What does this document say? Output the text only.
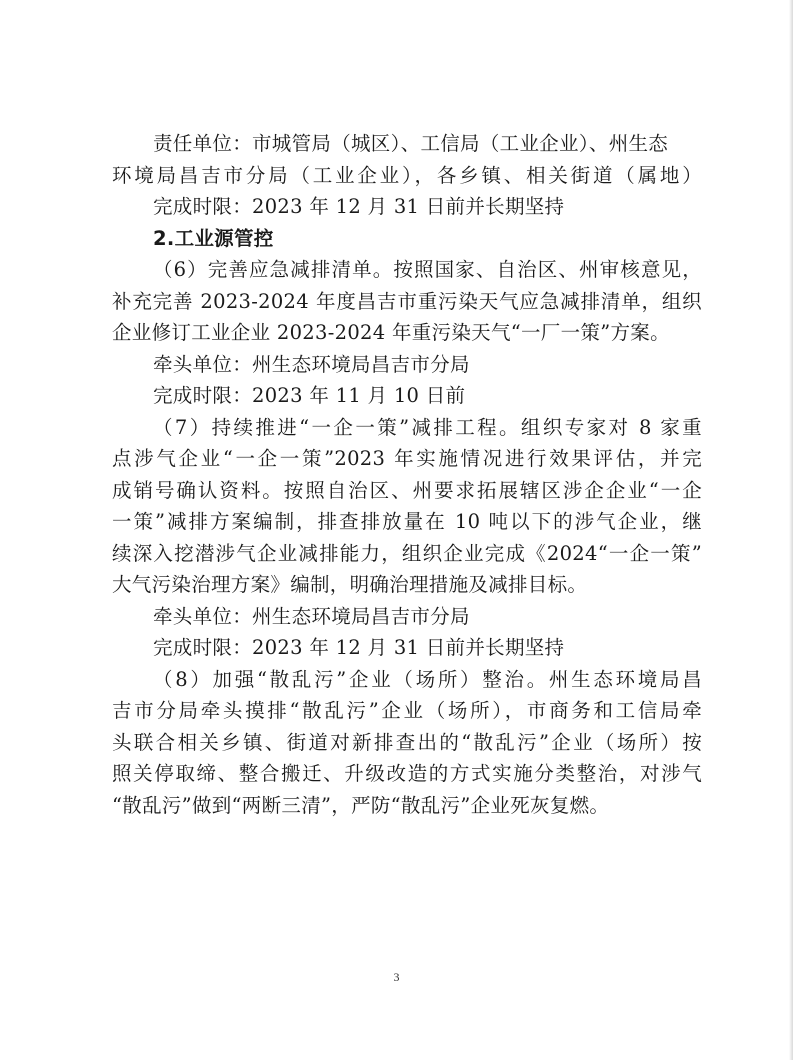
责任单位：市城管局（城区）、工信局（工业企业）、州生态
环境局昌吉市分局（工业企业），各乡镇、相关街道（属地）
完成时限：2023 年 12 月 31 日前并长期坚持
2.工业源管控
（6）完善应急减排清单。按照国家、自治区、州审核意见，
补充完善 2023-2024 年度昌吉市重污染天气应急减排清单，组织
企业修订工业企业 2023-2024 年重污染天气“一厂一策”方案。
牵头单位：州生态环境局昌吉市分局
完成时限：2023 年 11 月 10 日前
（7）持续推进“一企一策”减排工程。组织专家对 8 家重
点涉气企业“一企一策”2023 年实施情况进行效果评估，并完
成销号确认资料。按照自治区、州要求拓展辖区涉企企业“一企
一策”减排方案编制，排查排放量在 10 吨以下的涉气企业，继
续深入挖潜涉气企业减排能力，组织企业完成《2024“一企一策”
大气污染治理方案》编制，明确治理措施及减排目标。
牵头单位：州生态环境局昌吉市分局
完成时限：2023 年 12 月 31 日前并长期坚持
（8）加强“散乱污”企业（场所）整治。州生态环境局昌
吉市分局牵头摸排“散乱污”企业（场所），市商务和工信局牵
头联合相关乡镇、街道对新排查出的“散乱污”企业（场所）按
照关停取缔、整合搬迁、升级改造的方式实施分类整治，对涉气
“散乱污”做到“两断三清”，严防“散乱污”企业死灰复燃。
3
